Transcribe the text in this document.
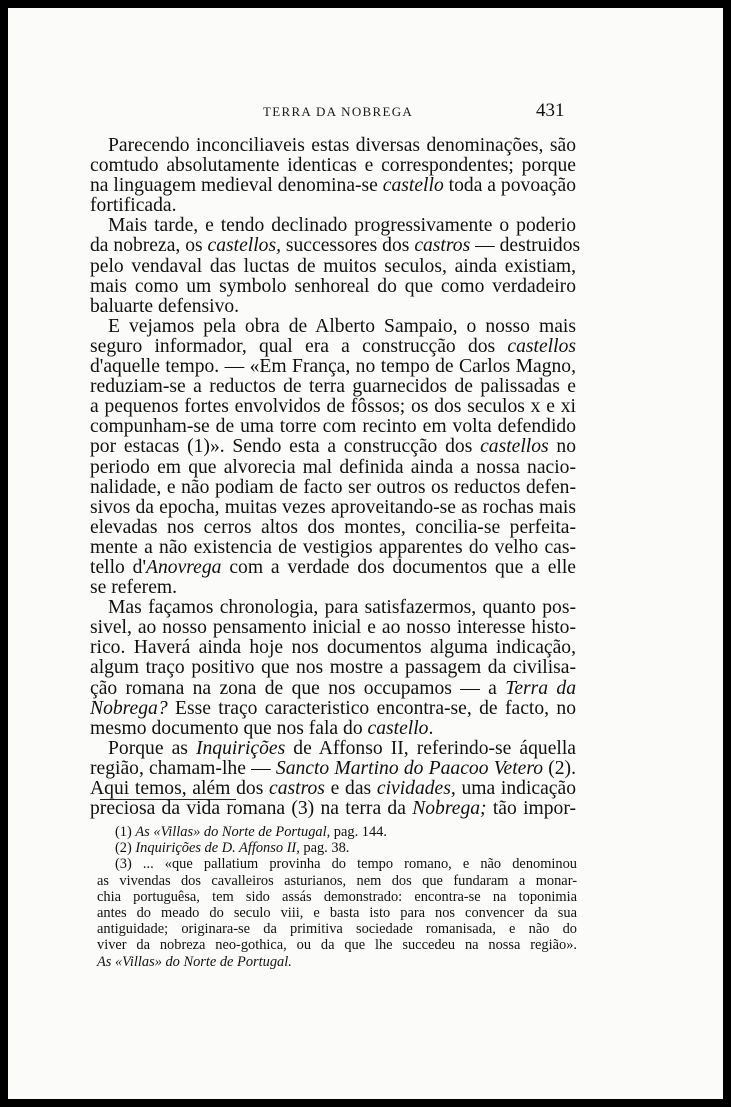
TERRA DA NOBREGA	431
Parecendo inconciliaveis estas diversas denominações, são
comtudo absolutamente identicas e correspondentes; porque
na linguagem medieval denomina-se castello toda a povoação
fortificada.
Mais tarde, e tendo declinado progressivamente o poderio
da nobreza, os castellos, successores dos castros — destruidos
pelo vendaval das luctas de muitos seculos, ainda existiam,
mais como um symbolo senhoreal do que como verdadeiro
baluarte defensivo.
E vejamos pela obra de Alberto Sampaio, o nosso mais
seguro informador, qual era a construcção dos castellos
d'aquelle tempo. — «Em França, no tempo de Carlos Magno,
reduziam-se a reductos de terra guarnecidos de palissadas e
a pequenos fortes envolvidos de fôssos; os dos seculos x e xi
compunham-se de uma torre com recinto em volta defendido
por estacas (1)». Sendo esta a construcção dos castellos no
periodo em que alvorecia mal definida ainda a nossa nacio-
nalidade, e não podiam de facto ser outros os reductos defen-
sivos da epocha, muitas vezes aproveitando-se as rochas mais
elevadas nos cerros altos dos montes, concilia-se perfeita-
mente a não existencia de vestigios apparentes do velho cas-
tello d'Anovrega com a verdade dos documentos que a elle
se referem.
Mas façamos chronologia, para satisfazermos, quanto pos-
sivel, ao nosso pensamento inicial e ao nosso interesse histo-
rico. Haverá ainda hoje nos documentos alguma indicação,
algum traço positivo que nos mostre a passagem da civilisa-
ção romana na zona de que nos occupamos — a Terra da
Nobrega? Esse traço caracteristico encontra-se, de facto, no
mesmo documento que nos fala do castello.
Porque as Inquirições de Affonso II, referindo-se áquella
região, chamam-lhe — Sancto Martino do Paacoo Vetero (2).
Aqui temos, além dos castros e das cividades, uma indicação
preciosa da vida romana (3) na terra da Nobrega; tão impor-
(1) As «Villas» do Norte de Portugal, pag. 144.
(2) Inquirições de D. Affonso II, pag. 38.
(3) ... «que pallatium provinha do tempo romano, e não denominou
as vivendas dos cavalleiros asturianos, nem dos que fundaram a monar-
chia portuguêsa, tem sido assás demonstrado: encontra-se na toponimia
antes do meado do seculo viii, e basta isto para nos convencer da sua
antiguidade; originara-se da primitiva sociedade romanisada, e não do
viver da nobreza neo-gothica, ou da que lhe succedeu na nossa região».
As «Villas» do Norte de Portugal.
